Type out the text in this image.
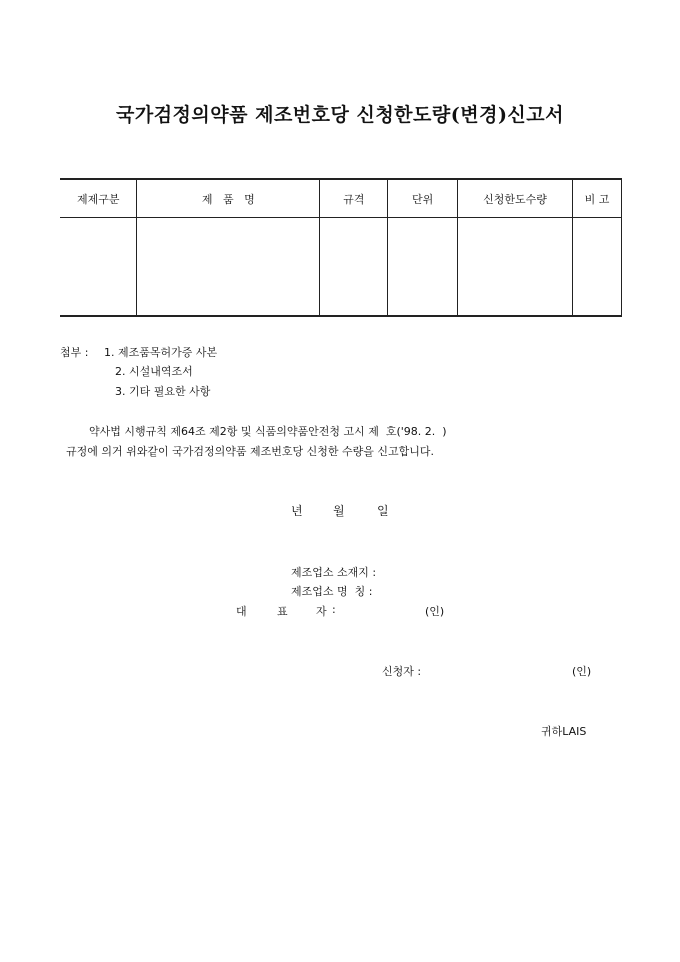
국가검정의약품 제조번호당 신청한도량(변경)신고서
제제구분	제   품   명	규격	단위	신청한도수량	비 고

첨부 : 1. 제조품목허가증 사본
2. 시설내역조서
3. 기타 필요한 사항
약사법 시행규칙 제64조 제2항 및 식품의약품안전청 고시 제  호('98. 2.  )
규정에 의거 위와같이 국가검정의약품 제조번호당 신청한 수량을 신고합니다.
년	월	일
제조업소 소재지 :
제조업소 명  칭 :
대	표	자 :	(인)
신청자 :	(인)
귀하LAIS
